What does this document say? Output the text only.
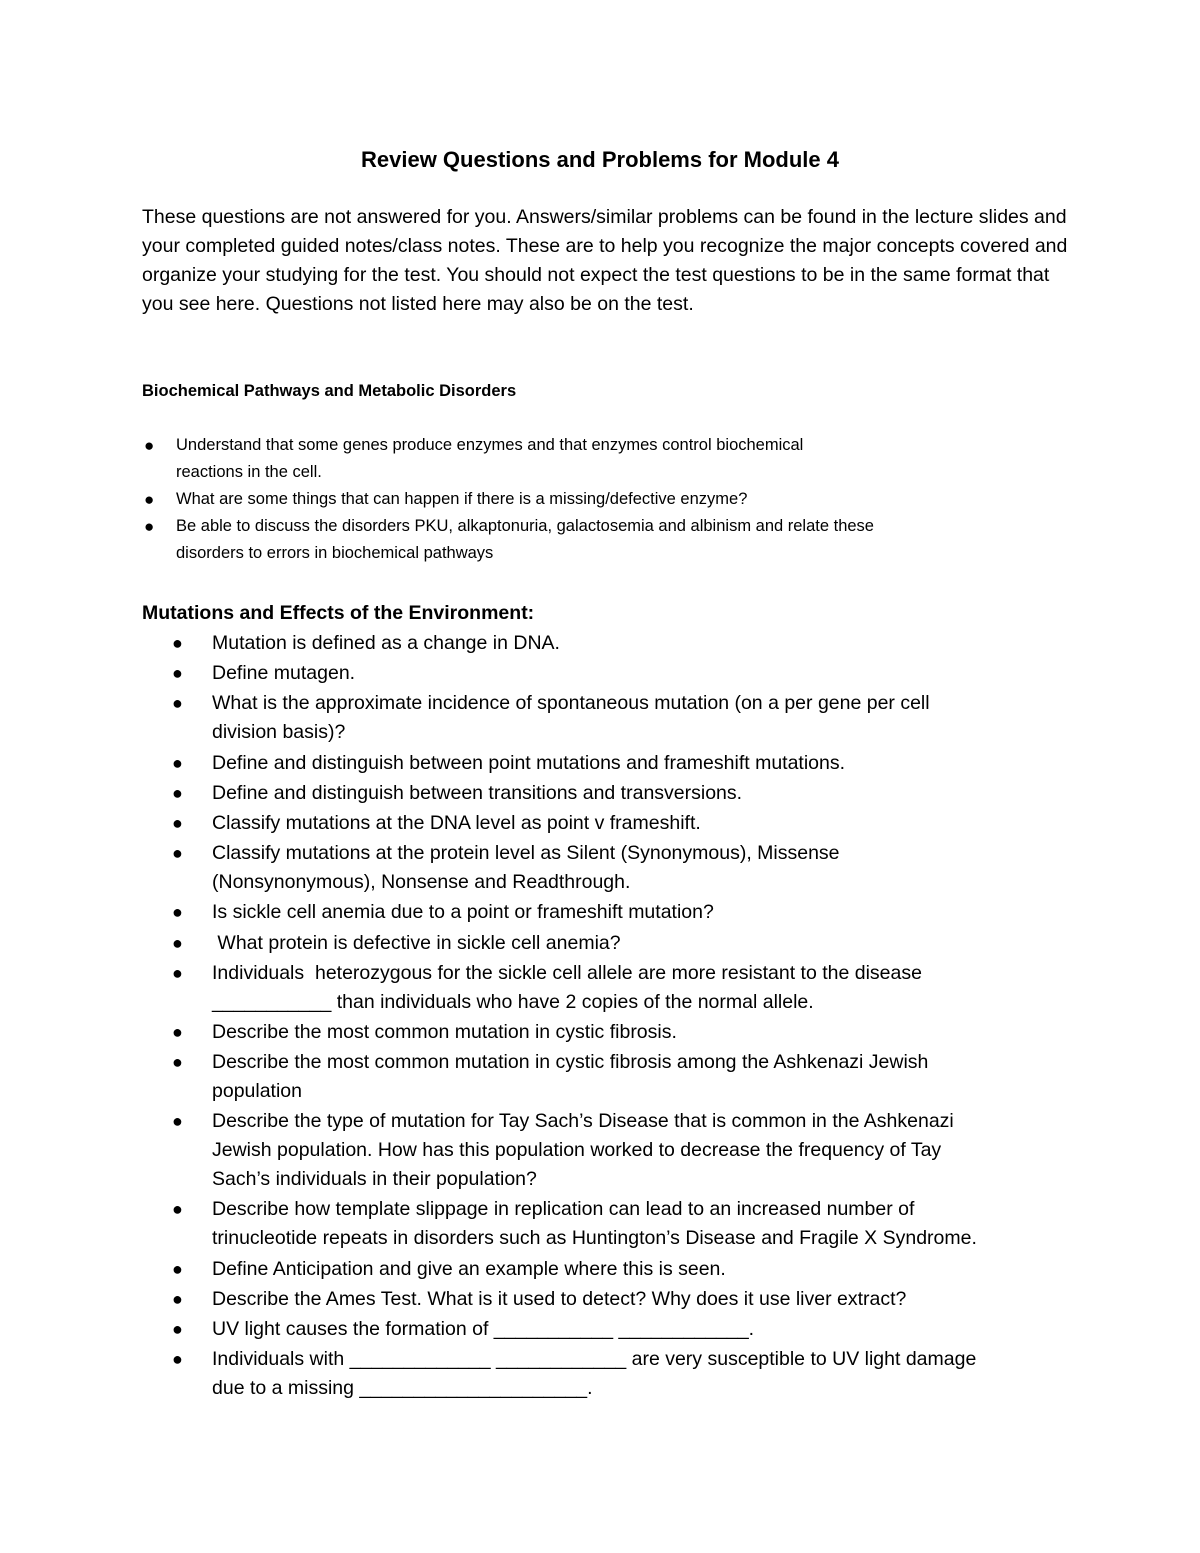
Review Questions and Problems for Module 4

These questions are not answered for you. Answers/similar problems can be found in the lecture slides and your completed guided notes/class notes. These are to help you recognize the major concepts covered and organize your studying for the test. You should not expect the test questions to be in the same format that you see here. Questions not listed here may also be on the test.

Biochemical Pathways and Metabolic Disorders

● Understand that some genes produce enzymes and that enzymes control biochemical
reactions in the cell.
● What are some things that can happen if there is a missing/defective enzyme?
● Be able to discuss the disorders PKU, alkaptonuria, galactosemia and albinism and relate these
disorders to errors in biochemical pathways

Mutations and Effects of the Environment:

● Mutation is defined as a change in DNA.
● Define mutagen.
● What is the approximate incidence of spontaneous mutation (on a per gene per cell
division basis)?
● Define and distinguish between point mutations and frameshift mutations.
● Define and distinguish between transitions and transversions.
● Classify mutations at the DNA level as point v frameshift.
● Classify mutations at the protein level as Silent (Synonymous), Missense
(Nonsynonymous), Nonsense and Readthrough.
● Is sickle cell anemia due to a point or frameshift mutation?
● What protein is defective in sickle cell anemia?
● Individuals  heterozygous for the sickle cell allele are more resistant to the disease
___________ than individuals who have 2 copies of the normal allele.
● Describe the most common mutation in cystic fibrosis.
● Describe the most common mutation in cystic fibrosis among the Ashkenazi Jewish
population
● Describe the type of mutation for Tay Sach’s Disease that is common in the Ashkenazi
Jewish population. How has this population worked to decrease the frequency of Tay
Sach’s individuals in their population?
● Describe how template slippage in replication can lead to an increased number of
trinucleotide repeats in disorders such as Huntington’s Disease and Fragile X Syndrome.
● Define Anticipation and give an example where this is seen.
● Describe the Ames Test. What is it used to detect? Why does it use liver extract?
● UV light causes the formation of ___________ ____________.
● Individuals with _____________ ____________ are very susceptible to UV light damage
due to a missing _____________________.
